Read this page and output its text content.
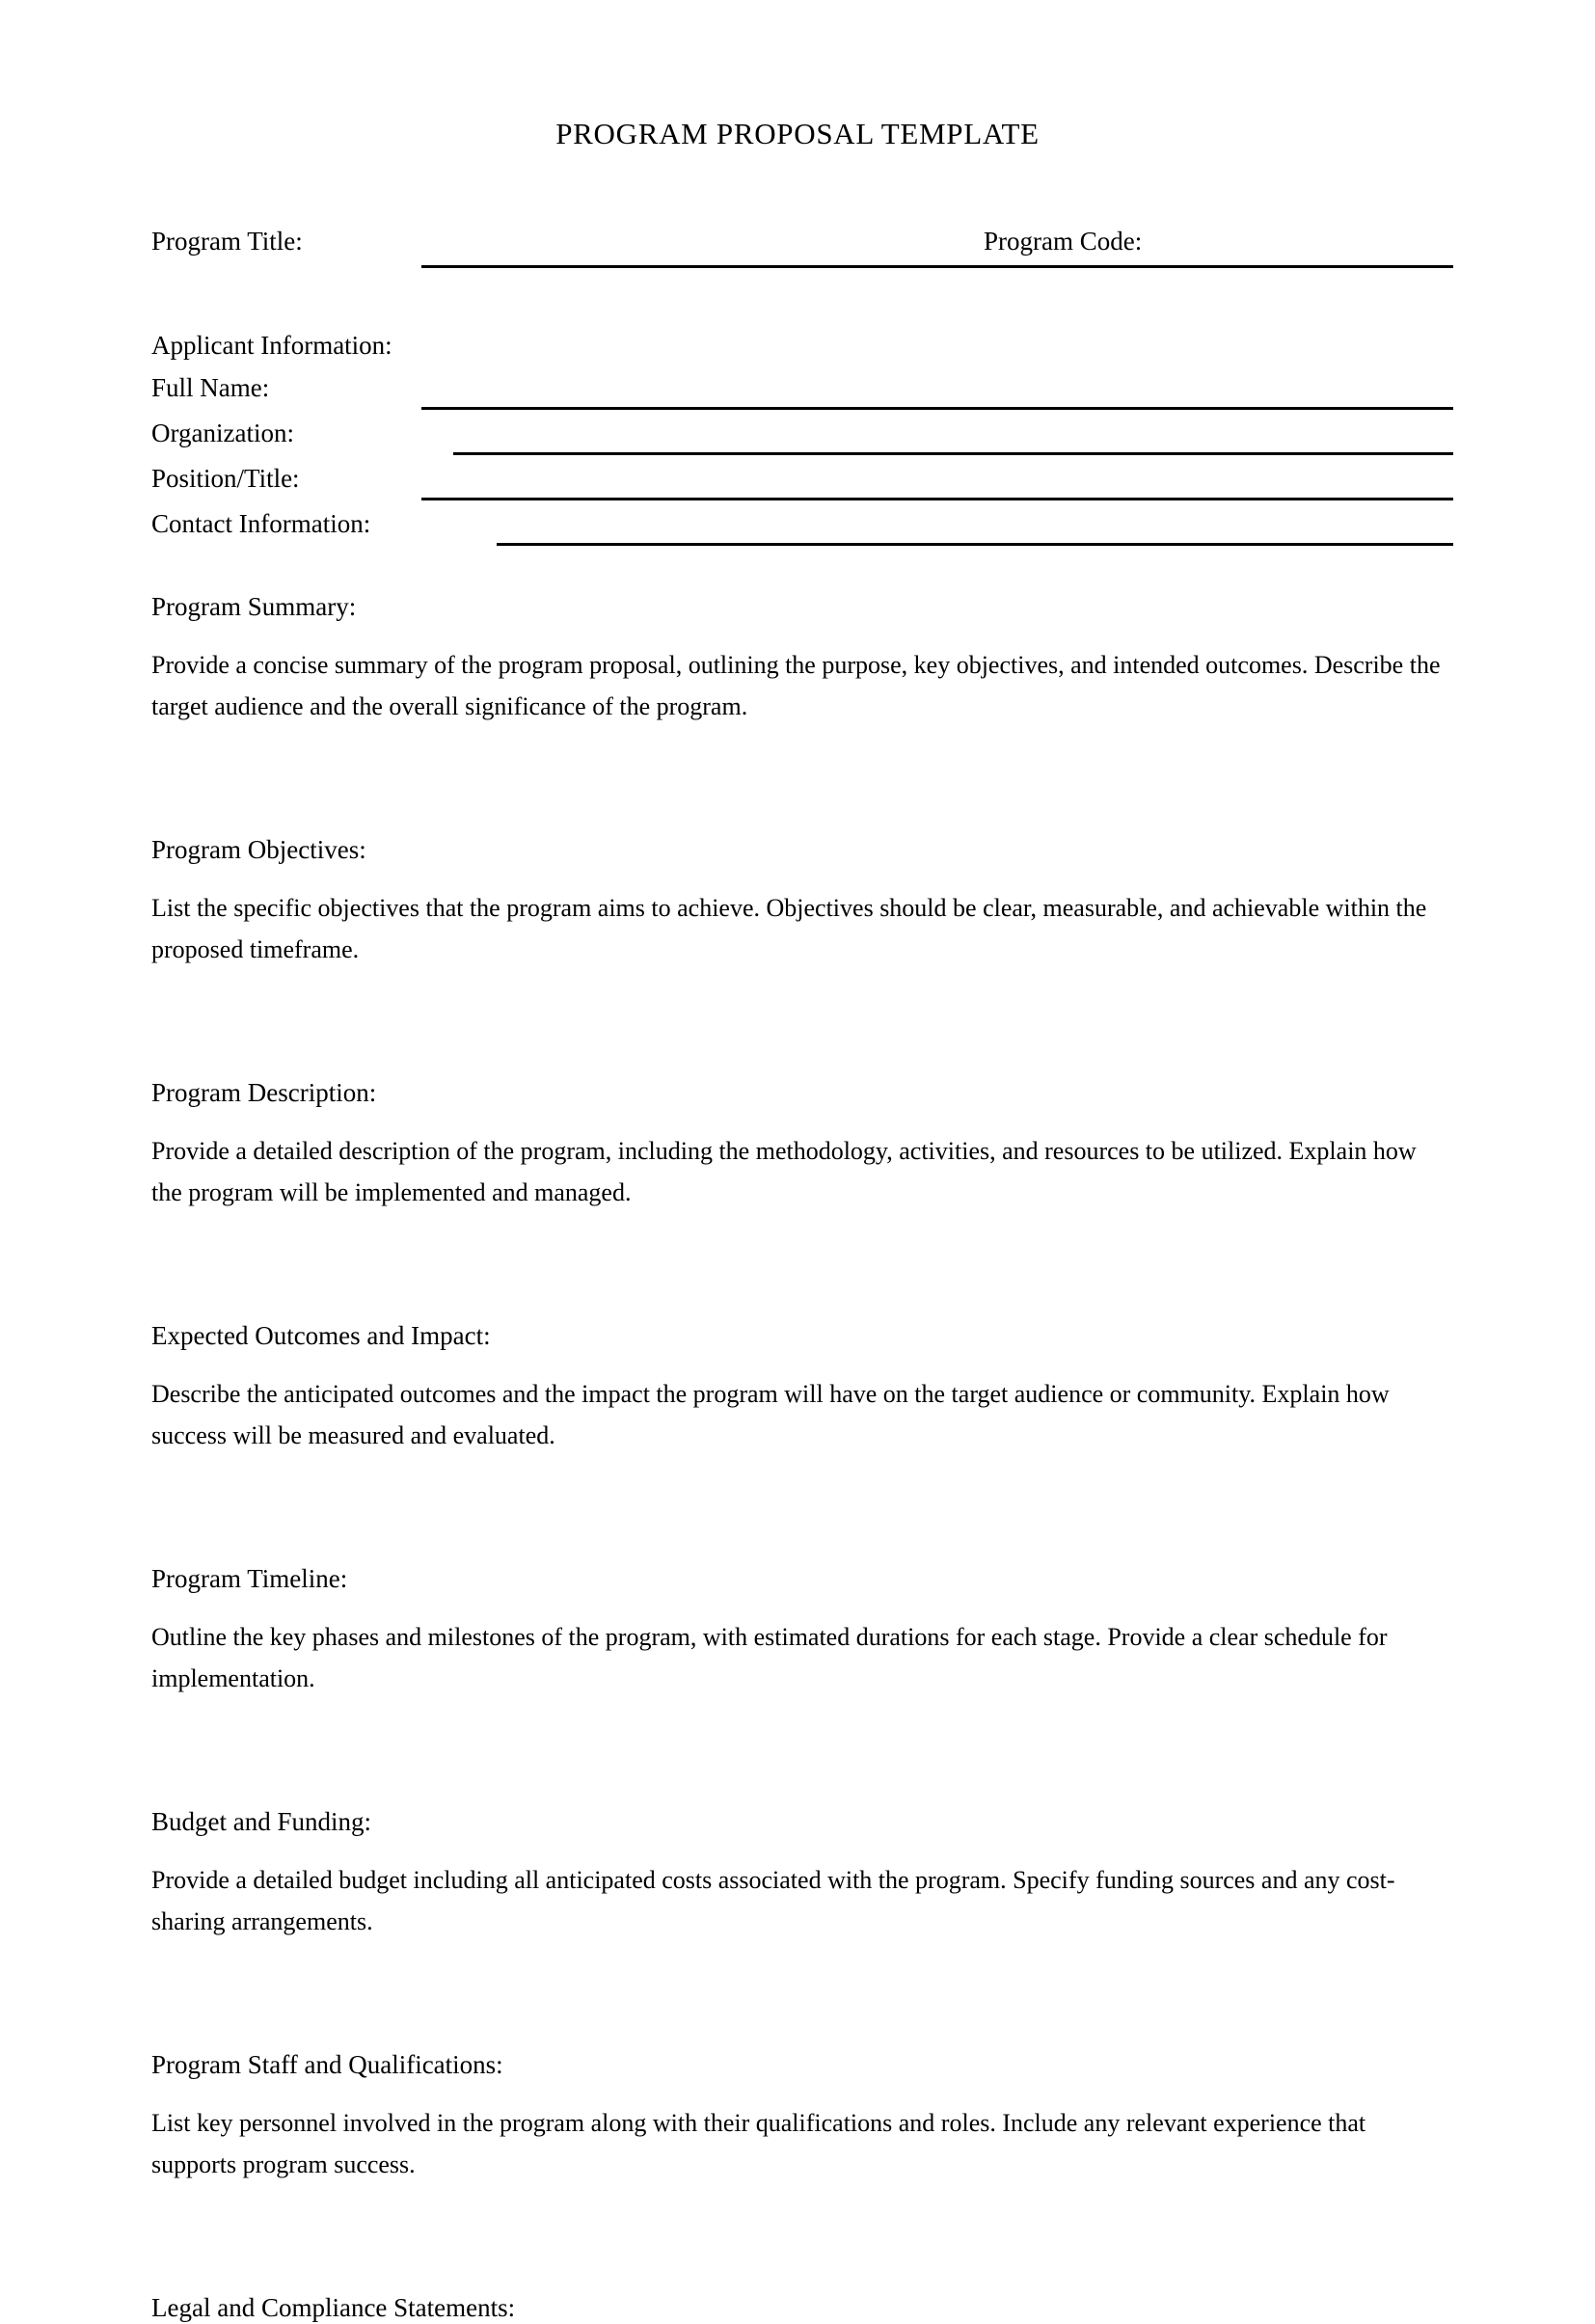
PROGRAM PROPOSAL TEMPLATE
Program Title:	Program Code:
Applicant Information:
Full Name:
Organization:
Position/Title:
Contact Information:
Program Summary:

Provide a concise summary of the program proposal, outlining the purpose, key objectives, and intended outcomes. Describe the target audience and the overall significance of the program.

Program Objectives:

List the specific objectives that the program aims to achieve. Objectives should be clear, measurable, and achievable within the proposed timeframe.

Program Description:

Provide a detailed description of the program, including the methodology, activities, and resources to be utilized. Explain how the program will be implemented and managed.

Expected Outcomes and Impact:

Describe the anticipated outcomes and the impact the program will have on the target audience or community. Explain how success will be measured and evaluated.

Program Timeline:

Outline the key phases and milestones of the program, with estimated durations for each stage. Provide a clear schedule for implementation.

Budget and Funding:

Provide a detailed budget including all anticipated costs associated with the program. Specify funding sources and any cost-sharing arrangements.

Program Staff and Qualifications:

List key personnel involved in the program along with their qualifications and roles. Include any relevant experience that supports program success.

Legal and Compliance Statements:
